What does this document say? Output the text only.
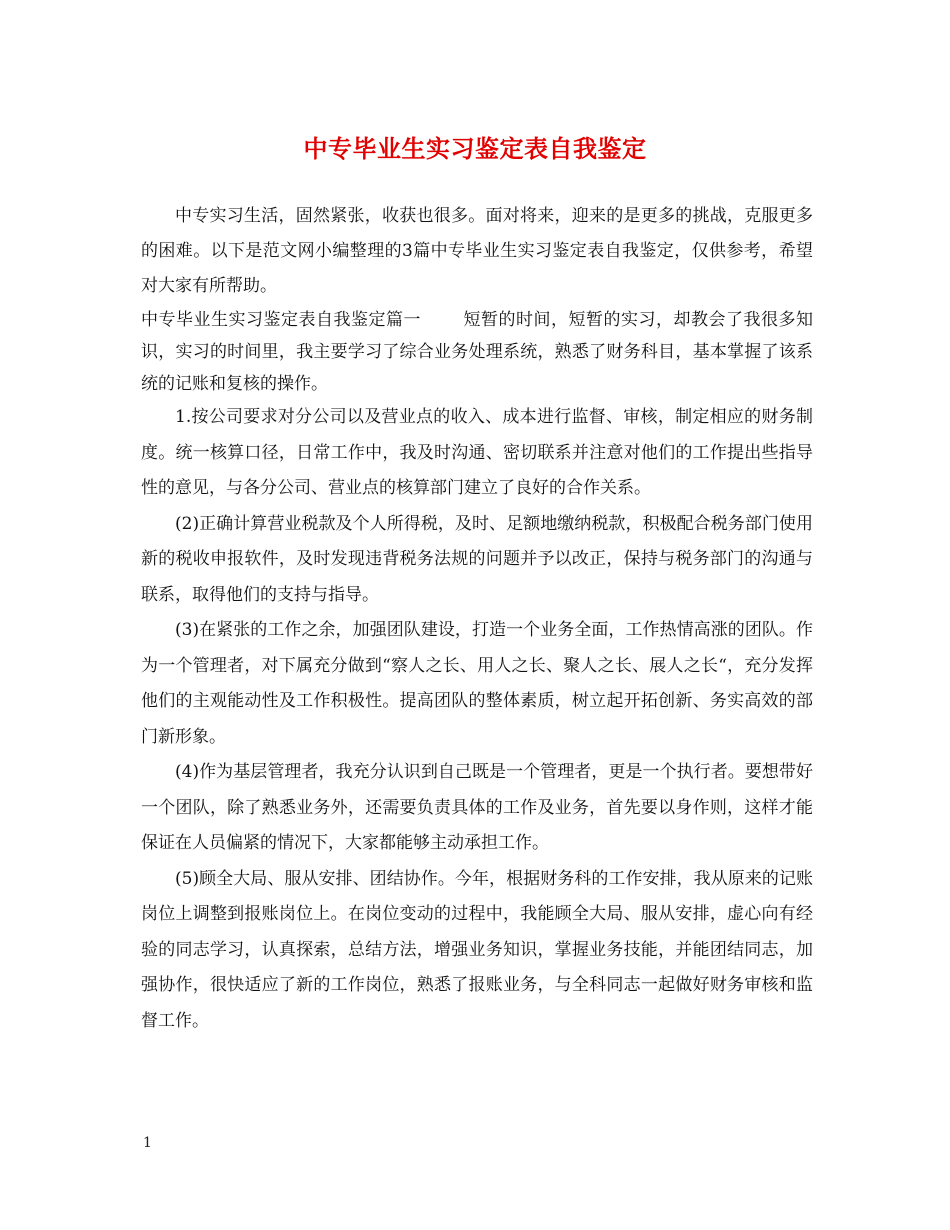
中专毕业生实习鉴定表自我鉴定

中专实习生活，固然紧张，收获也很多。面对将来，迎来的是更多的挑战，克服更多的困难。以下是范文网小编整理的3篇中专毕业生实习鉴定表自我鉴定，仅供参考，希望对大家有所帮助。

中专毕业生实习鉴定表自我鉴定篇一 短暂的时间，短暂的实习，却教会了我很多知识，实习的时间里，我主要学习了综合业务处理系统，熟悉了财务科目，基本掌握了该系统的记账和复核的操作。

1.按公司要求对分公司以及营业点的收入、成本进行监督、审核，制定相应的财务制度。统一核算口径，日常工作中，我及时沟通、密切联系并注意对他们的工作提出些指导性的意见，与各分公司、营业点的核算部门建立了良好的合作关系。

(2)正确计算营业税款及个人所得税，及时、足额地缴纳税款，积极配合税务部门使用新的税收申报软件，及时发现违背税务法规的问题并予以改正，保持与税务部门的沟通与联系，取得他们的支持与指导。

(3)在紧张的工作之余，加强团队建设，打造一个业务全面，工作热情高涨的团队。作为一个管理者，对下属充分做到“察人之长、用人之长、聚人之长、展人之长“，充分发挥他们的主观能动性及工作积极性。提高团队的整体素质，树立起开拓创新、务实高效的部门新形象。

(4)作为基层管理者，我充分认识到自己既是一个管理者，更是一个执行者。要想带好一个团队，除了熟悉业务外，还需要负责具体的工作及业务，首先要以身作则，这样才能保证在人员偏紧的情况下，大家都能够主动承担工作。

(5)顾全大局、服从安排、团结协作。今年，根据财务科的工作安排，我从原来的记账岗位上调整到报账岗位上。在岗位变动的过程中，我能顾全大局、服从安排，虚心向有经验的同志学习，认真探索，总结方法，增强业务知识，掌握业务技能，并能团结同志，加强协作，很快适应了新的工作岗位，熟悉了报账业务，与全科同志一起做好财务审核和监督工作。

1
